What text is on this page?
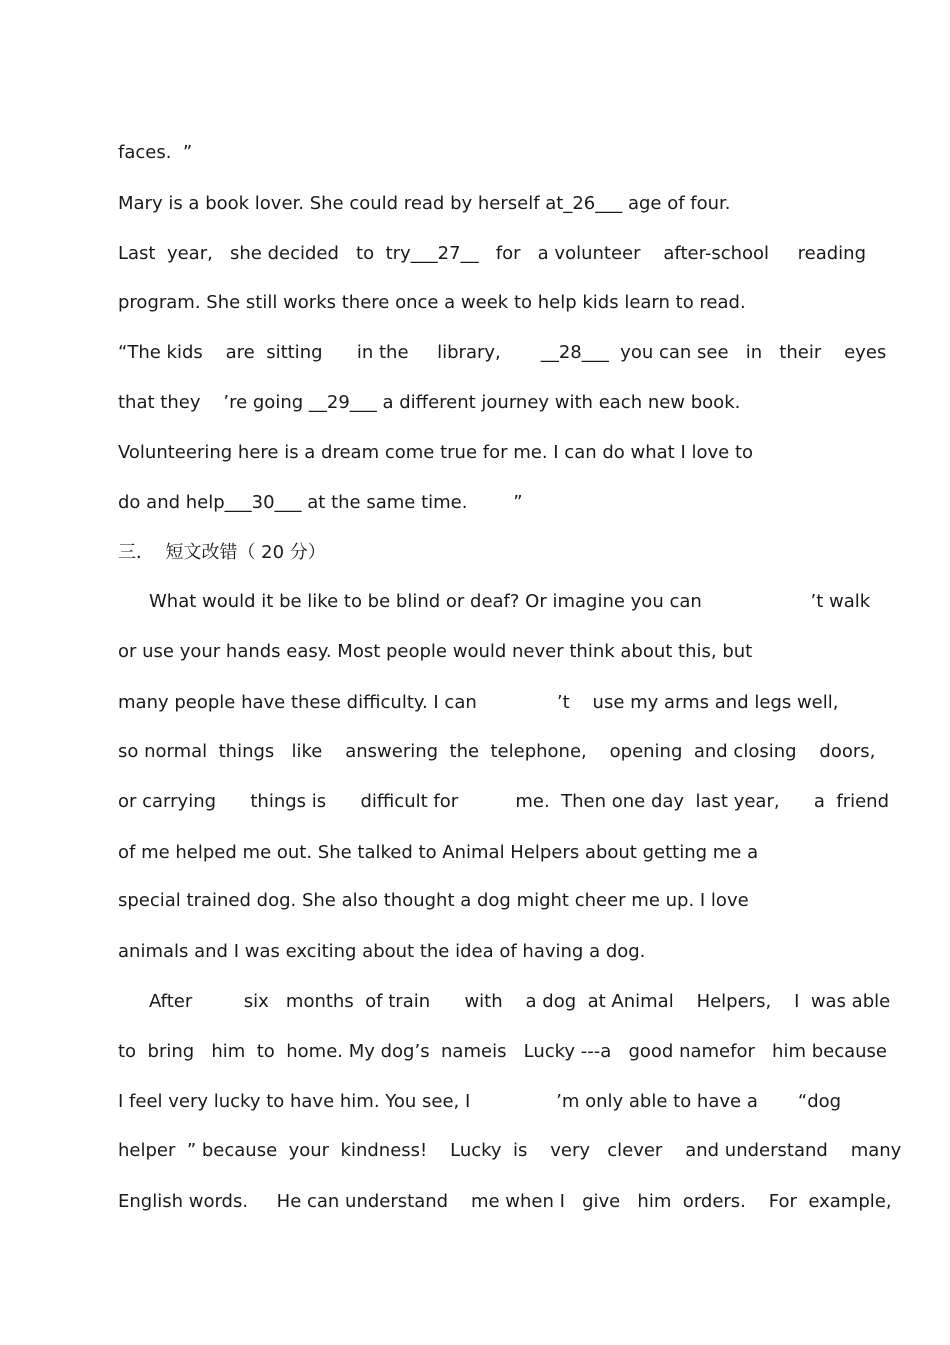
faces.  ”
Mary is a book lover. She could read by herself at_26___ age of four.
Last  year,   she decided   to  try___27__   for   a volunteer    after-school     reading
program. She still works there once a week to help kids learn to read.
“The kids    are  sitting      in the     library,       __28___  you can see   in   their    eyes
that they    ’re going __29___ a different journey with each new book.
Volunteering here is a dream come true for me. I can do what I love to
do and help___30___ at the same time.        ”
三．  短文改错（ 20 分）
What would it be like to be blind or deaf? Or imagine you can                   ’t walk
or use your hands easy. Most people would never think about this, but
many people have these difficulty. I can              ’t    use my arms and legs well,
so normal  things   like    answering  the  telephone,    opening  and closing    doors,
or carrying      things is      difficult for          me.  Then one day  last year,      a  friend
of me helped me out. She talked to Animal Helpers about getting me a
special trained dog. She also thought a dog might cheer me up. I love
animals and I was exciting about the idea of having a dog.
After         six   months  of train      with    a dog  at Animal    Helpers,    I  was able
to  bring   him  to  home. My dog’s  nameis   Lucky ---a   good namefor   him because
I feel very lucky to have him. You see, I               ’m only able to have a       “dog
helper  ” because  your  kindness!    Lucky  is    very   clever    and understand    many
English words.     He can understand    me when I   give   him  orders.    For  example,
